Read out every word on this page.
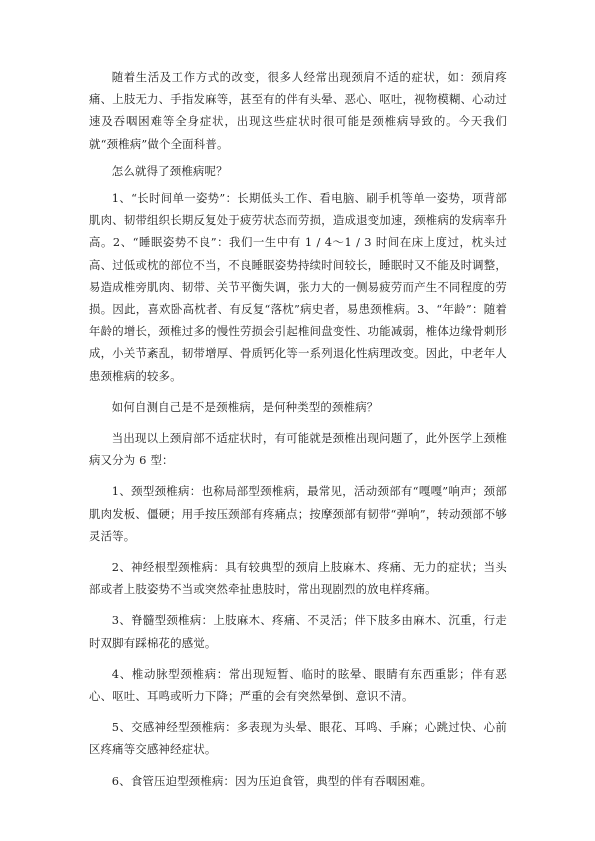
随着生活及工作方式的改变，很多人经常出现颈肩不适的症状，如：颈肩疼痛、上肢无力、手指发麻等，甚至有的伴有头晕、恶心、呕吐，视物模糊、心动过速及吞咽困难等全身症状，出现这些症状时很可能是颈椎病导致的。今天我们就“颈椎病”做个全面科普。

怎么就得了颈椎病呢？

1、“长时间单一姿势”：长期低头工作、看电脑、刷手机等单一姿势，项背部肌肉、韧带组织长期反复处于疲劳状态而劳损，造成退变加速，颈椎病的发病率升高。2、“睡眠姿势不良”：我们一生中有 1 / 4～1 / 3 时间在床上度过，枕头过高、过低或枕的部位不当，不良睡眠姿势持续时间较长，睡眠时又不能及时调整，易造成椎旁肌肉、韧带、关节平衡失调，张力大的一侧易疲劳而产生不同程度的劳损。因此，喜欢卧高枕者、有反复“落枕”病史者，易患颈椎病。3、“年龄”：随着年龄的增长，颈椎过多的慢性劳损会引起椎间盘变性、功能减弱，椎体边缘骨刺形成，小关节紊乱，韧带增厚、骨质钙化等一系列退化性病理改变。因此，中老年人患颈椎病的较多。

如何自测自己是不是颈椎病，是何种类型的颈椎病？

当出现以上颈肩部不适症状时，有可能就是颈椎出现问题了，此外医学上颈椎病又分为 6 型：

1、颈型颈椎病：也称局部型颈椎病，最常见，活动颈部有“嘎嘎”响声；颈部肌肉发板、僵硬；用手按压颈部有疼痛点；按摩颈部有韧带“弹响”，转动颈部不够灵活等。

2、神经根型颈椎病：具有较典型的颈肩上肢麻木、疼痛、无力的症状；当头部或者上肢姿势不当或突然牵扯患肢时，常出现剧烈的放电样疼痛。

3、脊髓型颈椎病：上肢麻木、疼痛、不灵活；伴下肢多由麻木、沉重，行走时双脚有踩棉花的感觉。

4、椎动脉型颈椎病：常出现短暂、临时的眩晕、眼睛有东西重影；伴有恶心、呕吐、耳鸣或听力下降；严重的会有突然晕倒、意识不清。

5、交感神经型颈椎病：多表现为头晕、眼花、耳鸣、手麻；心跳过快、心前区疼痛等交感神经症状。

6、食管压迫型颈椎病：因为压迫食管，典型的伴有吞咽困难。
